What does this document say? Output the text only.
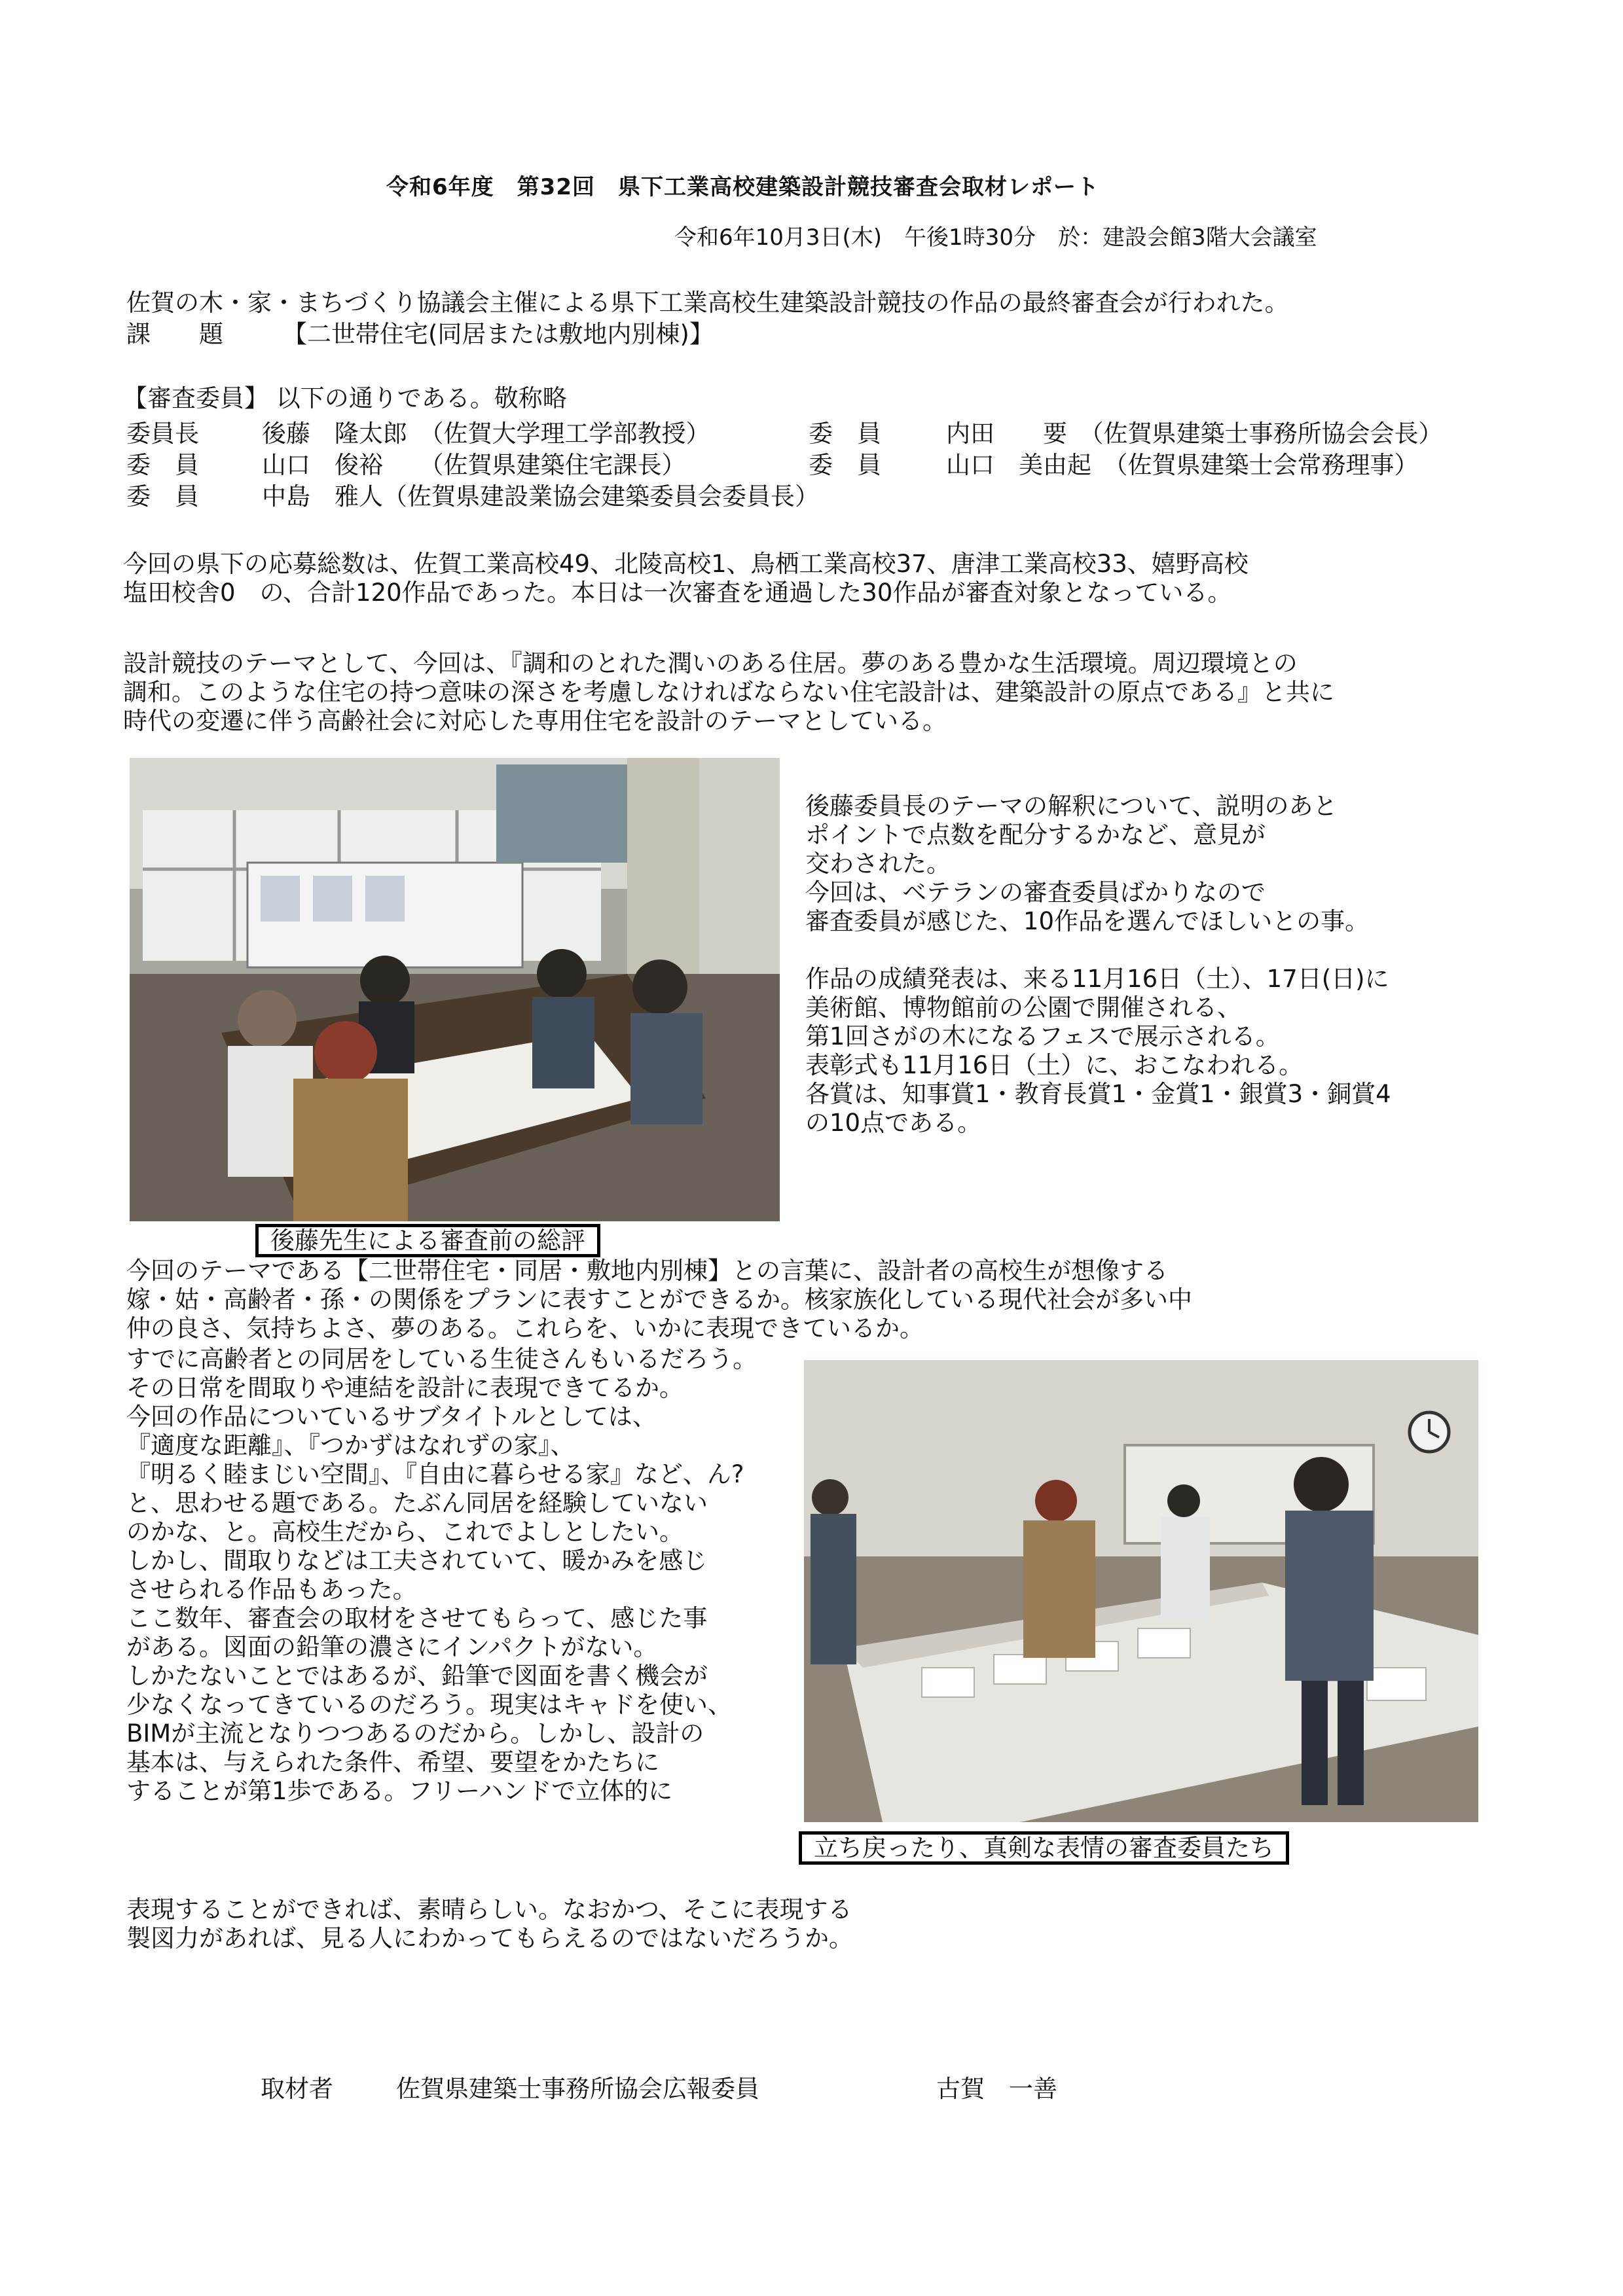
令和6年度　第32回　県下工業高校建築設計競技審査会取材レポート
令和6年10月3日(木)　午後1時30分　於：建設会館3階大会議室
佐賀の木・家・まちづくり協議会主催による県下工業高校生建築設計競技の作品の最終審査会が行われた。
課　　題 【二世帯住宅(同居または敷地内別棟)】
【審査委員】 以下の通りである。敬称略
委員長	後藤　隆太郎　（佐賀大学理工学部教授）	委　員	内田　　要　（佐賀県建築士事務所協会会長）
委　員	山口　俊裕　　（佐賀県建築住宅課長）	委　員	山口　美由起　（佐賀県建築士会常務理事）
委　員	中島　雅人（佐賀県建設業協会建築委員会委員長）
今回の県下の応募総数は、佐賀工業高校49、北陵高校1、鳥栖工業高校37、唐津工業高校33、嬉野高校
塩田校舎0　の、合計120作品であった。本日は一次審査を通過した30作品が審査対象となっている。
設計競技のテーマとして、今回は、『調和のとれた潤いのある住居。夢のある豊かな生活環境。周辺環境との
調和。このような住宅の持つ意味の深さを考慮しなければならない住宅設計は、建築設計の原点である』と共に
時代の変遷に伴う高齢社会に対応した専用住宅を設計のテーマとしている。
後藤委員長のテーマの解釈について、説明のあと
ポイントで点数を配分するかなど、意見が
交わされた。
今回は、ベテランの審査委員ばかりなので
審査委員が感じた、10作品を選んでほしいとの事。
作品の成績発表は、来る11月16日（土）、17日(日)に
美術館、博物館前の公園で開催される、
第1回さがの木になるフェスで展示される。
表彰式も11月16日（土）に、おこなわれる。
各賞は、知事賞1・教育長賞1・金賞1・銀賞3・銅賞4
の10点である。
後藤先生による審査前の総評
今回のテーマである【二世帯住宅・同居・敷地内別棟】との言葉に、設計者の高校生が想像する
嫁・姑・高齢者・孫・の関係をプランに表すことができるか。核家族化している現代社会が多い中
仲の良さ、気持ちよさ、夢のある。これらを、いかに表現できているか。
すでに高齢者との同居をしている生徒さんもいるだろう。
その日常を間取りや連結を設計に表現できてるか。
今回の作品についているサブタイトルとしては、
『適度な距離』、『つかずはなれずの家』、
『明るく睦まじい空間』、『自由に暮らせる家』など、ん?
と、思わせる題である。たぶん同居を経験していない
のかな、と。高校生だから、これでよしとしたい。
しかし、間取りなどは工夫されていて、暖かみを感じ
させられる作品もあった。
ここ数年、審査会の取材をさせてもらって、感じた事
がある。図面の鉛筆の濃さにインパクトがない。
しかたないことではあるが、鉛筆で図面を書く機会が
少なくなってきているのだろう。現実はキャドを使い、
BIMが主流となりつつあるのだから。しかし、設計の
基本は、与えられた条件、希望、要望をかたちに
することが第1歩である。フリーハンドで立体的に
立ち戻ったり、真剣な表情の審査委員たち
表現することができれば、素晴らしい。なおかつ、そこに表現する
製図力があれば、見る人にわかってもらえるのではないだろうか。
取材者	佐賀県建築士事務所協会広報委員	古賀　一善
